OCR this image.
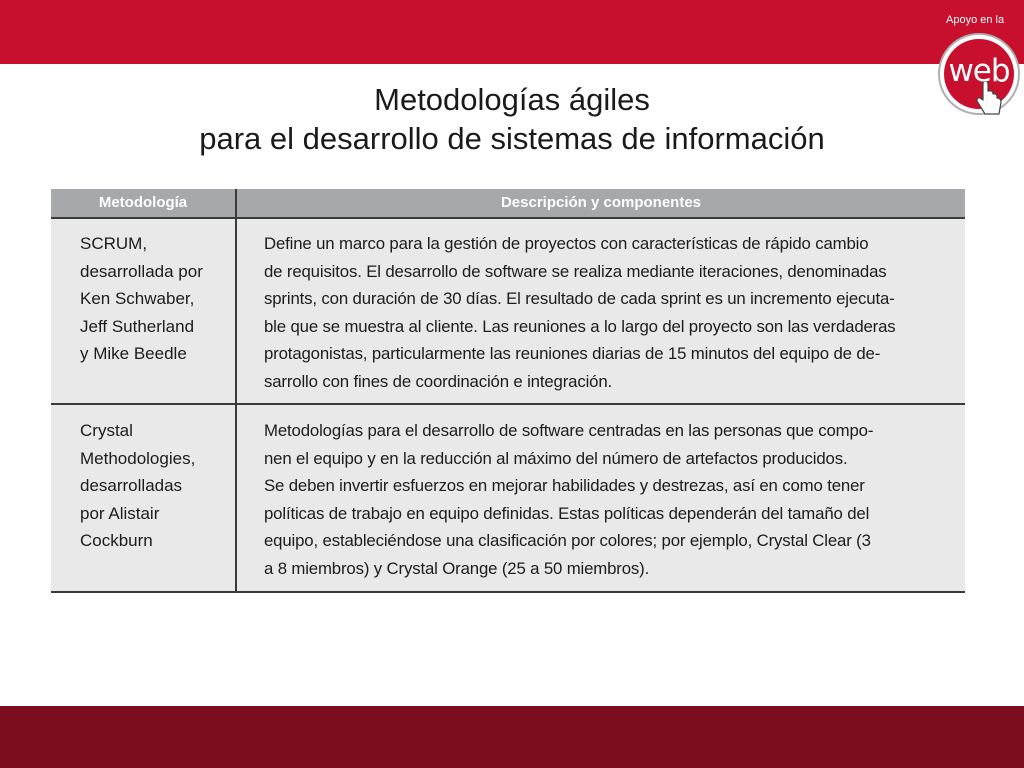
Apoyo en la
web
Metodologías ágiles
para el desarrollo de sistemas de información
Metodología	Descripción y componentes

SCRUM,
desarrollada por
Ken Schwaber,
Jeff Sutherland
y Mike Beedle

Define un marco para la gestión de proyectos con características de rápido cambio
de requisitos. El desarrollo de software se realiza mediante iteraciones, denominadas
sprints, con duración de 30 días. El resultado de cada sprint es un incremento ejecuta-
ble que se muestra al cliente. Las reuniones a lo largo del proyecto son las verdaderas
protagonistas, particularmente las reuniones diarias de 15 minutos del equipo de de-
sarrollo con fines de coordinación e integración.

Crystal
Methodologies,
desarrolladas
por Alistair
Cockburn

Metodologías para el desarrollo de software centradas en las personas que compo-
nen el equipo y en la reducción al máximo del número de artefactos producidos.
Se deben invertir esfuerzos en mejorar habilidades y destrezas, así en como tener
políticas de trabajo en equipo definidas. Estas políticas dependerán del tamaño del
equipo, estableciéndose una clasificación por colores; por ejemplo, Crystal Clear (3
a 8 miembros) y Crystal Orange (25 a 50 miembros).
